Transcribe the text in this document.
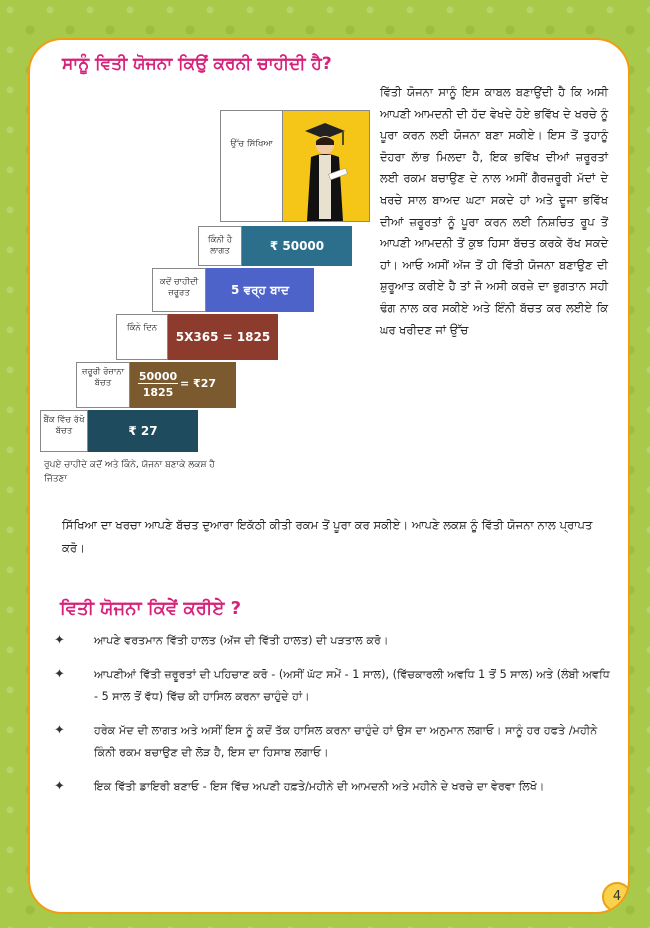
ਸਾਨੂੰ ਵਿਤੀ ਯੋਜਨਾ ਕਿਉਂ ਕਰਨੀ ਚਾਹੀਦੀ ਹੈ?
ਉੱਚ ਸਿੱਖਿਆ
ਕਿੰਨੀ ਹੈ ਲਾਗਤ	₹ 50000
ਕਦੋਂ ਚਾਹੀਦੀ ਜ਼ਰੂਰਤ	5 ਵਰ੍ਹ ਬਾਦ
ਕਿੰਨੇ ਦਿਨ
5X365 = 1825
ਜ਼ਰੂਰੀ ਰੋਜ਼ਾਨਾ ਬੱਚਤ	50000
1825
= ₹27
ਬੈਂਕ ਵਿੱਚ ਰੱਖੋ ਬੱਚਤ	₹ 27
ਰੁਪਏ ਚਾਹੀਦੇ ਕਦੋਂ ਅਤੇ ਕਿੰਨੇ, ਯੋਜਨਾ ਬਣਾਕੇ ਲਕਸ਼ ਹੈ ਜਿੱਤਣਾ

ਵਿੱਤੀ ਯੋਜਨਾ ਸਾਨੂੰ ਇਸ ਕਾਬਲ ਬਣਾਉਂਦੀ ਹੈ ਕਿ ਅਸੀ ਆਪਣੀ ਆਮਦਨੀ ਦੀ ਹੱਦ ਵੇਖਦੇ ਹੋਏ ਭਵਿੱਖ ਦੇ ਖਰਚੇ ਨੂੰ ਪੂਰਾ ਕਰਨ ਲਈ ਯੋਜਨਾ ਬਣਾ ਸਕੀਏ। ਇਸ ਤੋਂ ਤੁਹਾਨੂੰ ਦੋਹਰਾ ਲਾੱਭ ਮਿਲਦਾ ਹੈ, ਇਕ ਭਵਿੱਖ ਦੀਆਂ ਜ਼ਰੂਰਤਾਂ ਲਈ ਰਕਮ ਬਚਾਉਣ ਦੇ ਨਾਲ ਅਸੀਂ ਗੈਰਜ਼ਰੂਰੀ ਮੱਦਾਂ ਦੇ ਖਰਚੇ ਸਾਲ ਬਾਅਦ ਘਟਾ ਸਕਦੇ ਹਾਂ ਅਤੇ ਦੂਜਾ ਭਵਿੱਖ ਦੀਆਂ ਜ਼ਰੂਰਤਾਂ ਨੂੰ ਪੂਰਾ ਕਰਨ ਲਈ ਨਿਸ਼ਚਿਤ ਰੂਪ ਤੋਂ ਆਪਣੀ ਆਮਦਨੀ ਤੋਂ ਕੁਝ ਹਿਸਾ ਬੱਚਤ ਕਰਕੇ ਰੱਖ ਸਕਦੇ ਹਾਂ। ਆਓ ਅਸੀਂ ਅੱਜ ਤੋਂ ਹੀ ਵਿੱਤੀ ਯੋਜਨਾ ਬਣਾਉਣ ਦੀ ਸ਼ੁਰੂਆਤ ਕਰੀਏ ਹੈ ਤਾਂ ਜੋ ਅਸੀ ਕਰਜ਼ੇ ਦਾ ਭੁਗਤਾਨ ਸਹੀ ਢੰਗ ਨਾਲ ਕਰ ਸਕੀਏ ਅਤੇ ਇੰਨੀ ਬੱਚਤ ਕਰ ਲਈਏ ਕਿ ਘਰ ਖਰੀਦਣ ਜਾਂ ਉੱਚ

ਸਿੱਖਿਆ ਦਾ ਖਰਚਾ ਆਪਣੇ ਬੱਚਤ ਦੁਆਰਾ ਇਕੱਠੀ ਕੀਤੀ ਰਕਮ ਤੋਂ ਪੂਰਾ ਕਰ ਸਕੀਏ। ਆਪਣੇ ਲਕਸ਼ ਨੂੰ ਵਿੱਤੀ ਯੋਜਨਾ ਨਾਲ ਪ੍ਰਾਪਤ ਕਰੋ।

ਵਿਤੀ ਯੋਜਨਾ ਕਿਵੇਂ ਕਰੀਏ ?
✦	ਆਪਣੇ ਵਰਤਮਾਨ ਵਿੱਤੀ ਹਾਲਤ (ਅੱਜ ਦੀ ਵਿੱਤੀ ਹਾਲਤ) ਦੀ ਪੜਤਾਲ ਕਰੋ।
✦	ਆਪਣੀਆਂ ਵਿੱਤੀ ਜ਼ਰੂਰਤਾਂ ਦੀ ਪਹਿਚਾਣ ਕਰੋ - (ਅਸੀਂ ਘੱਟ ਸਮੇਂ - 1 ਸਾਲ), (ਵਿੱਚਕਾਰਲੀ ਅਵਧਿ 1 ਤੋਂ 5 ਸਾਲ) ਅਤੇ (ਲੰਬੀ ਅਵਧਿ - 5 ਸਾਲ ਤੋਂ ਵੱਧ) ਵਿੱਚ ਕੀ ਹਾਸਿਲ ਕਰਨਾ ਚਾਹੁੰਦੇ ਹਾਂ।
✦	ਹਰੇਕ ਮੱਦ ਦੀ ਲਾਗਤ ਅਤੇ ਅਸੀਂ ਇਸ ਨੂੰ ਕਦੋਂ ਤੱਕ ਹਾਸਿਲ ਕਰਨਾ ਚਾਹੁੰਦੇ ਹਾਂ ਉਸ ਦਾ ਅਨੁਮਾਨ ਲਗਾਓ। ਸਾਨੂੰ ਹਰ ਹਫਤੇ /ਮਹੀਨੇ ਕਿੰਨੀ ਰਕਮ ਬਚਾਉਣ ਦੀ ਲੋੜ ਹੈ, ਇਸ ਦਾ ਹਿਸਾਬ ਲਗਾਓ।
✦	ਇਕ ਵਿੱਤੀ ਡਾਇਰੀ ਬਣਾਓ - ਇਸ ਵਿੱਚ ਅਪਣੀ ਹਫ਼ਤੇ/ਮਹੀਨੇ ਦੀ ਆਮਦਨੀ ਅਤੇ ਮਹੀਨੇ ਦੇ ਖਰਚੇ ਦਾ ਵੇਰਵਾ ਲਿਖੋ।
4
